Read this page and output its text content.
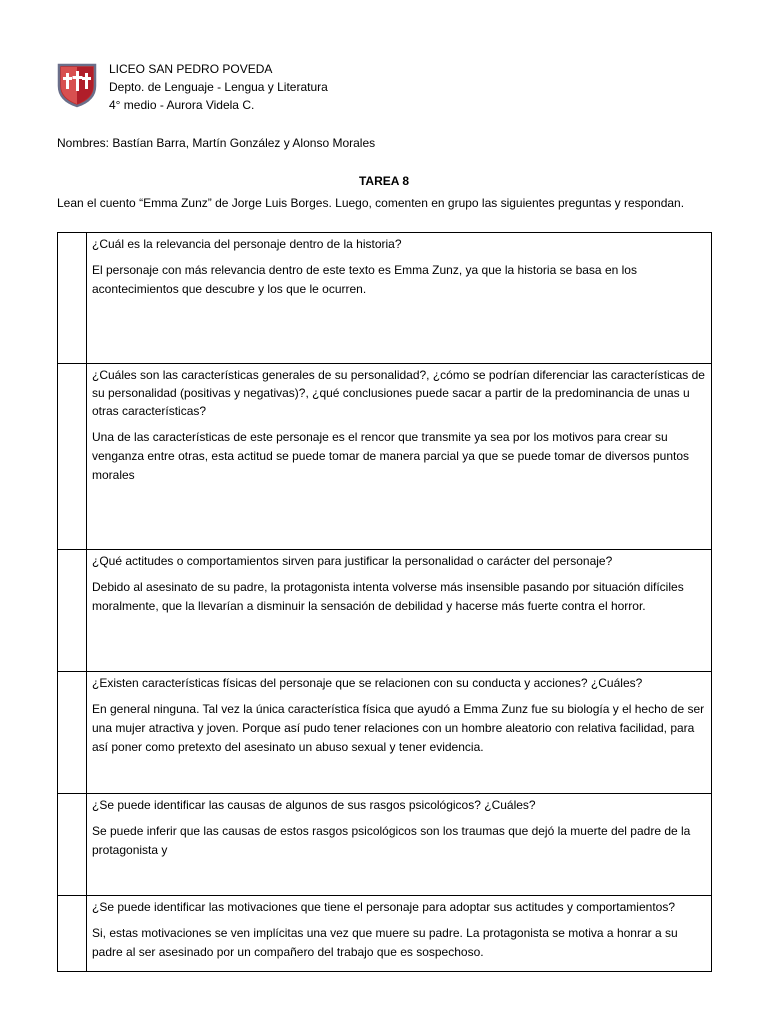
LICEO SAN PEDRO POVEDA
Depto. de Lenguaje - Lengua y Literatura
4° medio - Aurora Videla C.
Nombres: Bastían Barra, Martín González y Alonso Morales
TAREA 8
Lean el cuento “Emma Zunz” de Jorge Luis Borges. Luego, comenten en grupo las siguientes preguntas y respondan.

	¿Cuál es la relevancia del personaje dentro de la historia?
El personaje con más relevancia dentro de este texto es Emma Zunz, ya que la historia se basa en los acontecimientos que descubre y los que le ocurren.

	¿Cuáles son las características generales de su personalidad?, ¿cómo se podrían diferenciar las características de su personalidad (positivas y negativas)?, ¿qué conclusiones puede sacar a partir de la predominancia de unas u otras características?
Una de las características de este personaje es el rencor que transmite ya sea por los motivos para crear su venganza entre otras, esta actitud se puede tomar de manera parcial ya que se puede tomar de diversos puntos morales

	¿Qué actitudes o comportamientos sirven para justificar la personalidad o carácter del personaje?
Debido al asesinato de su padre, la protagonista intenta volverse más insensible pasando por situación difíciles moralmente, que la llevarían a disminuir la sensación de debilidad y hacerse más fuerte contra el horror.

	¿Existen características físicas del personaje que se relacionen con su conducta y acciones? ¿Cuáles?
En general ninguna. Tal vez la única característica física que ayudó a Emma Zunz fue su biología y el hecho de ser una mujer atractiva y joven. Porque así pudo tener relaciones con un hombre aleatorio con relativa facilidad, para así poner como pretexto del asesinato un abuso sexual y tener evidencia.

	¿Se puede identificar las causas de algunos de sus rasgos psicológicos? ¿Cuáles?
Se puede inferir que las causas de estos rasgos psicológicos son los traumas que dejó la muerte del padre de la protagonista y

	¿Se puede identificar las motivaciones que tiene el personaje para adoptar sus actitudes y comportamientos?
Si, estas motivaciones se ven implícitas una vez que muere su padre. La protagonista se motiva a honrar a su padre al ser asesinado por un compañero del trabajo que es sospechoso.
